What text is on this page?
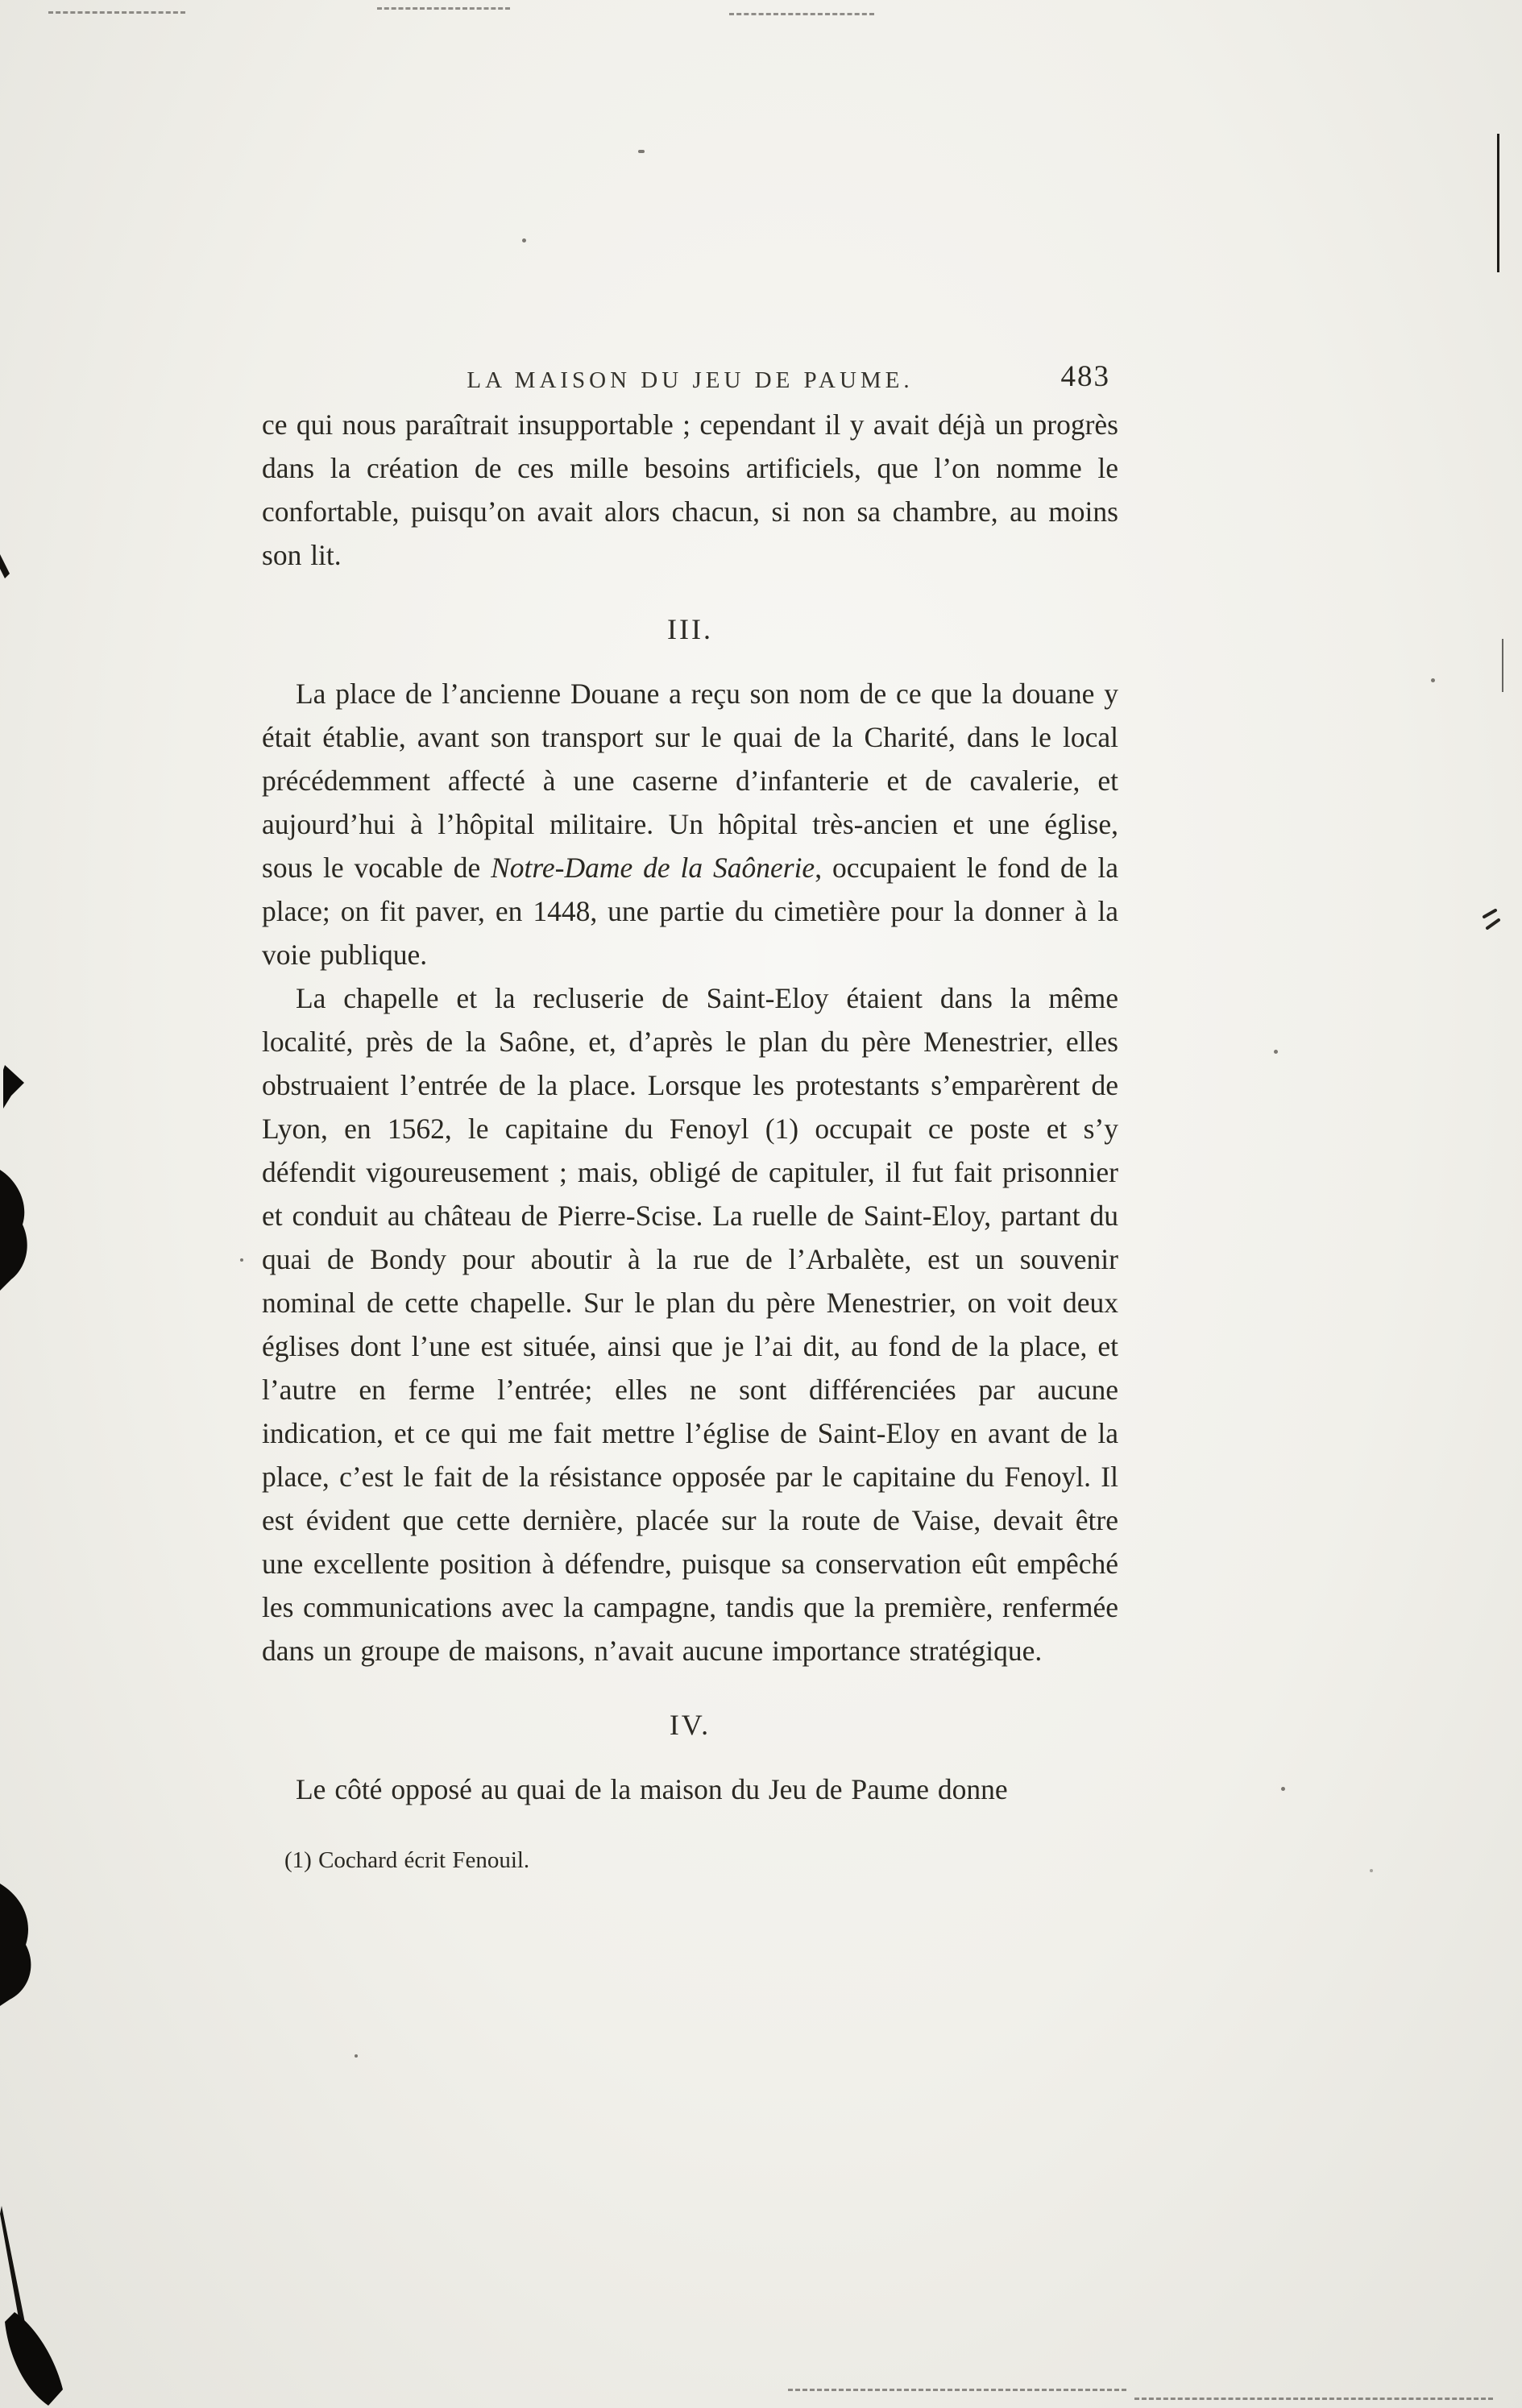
LA MAISON DU JEU DE PAUME.	483

ce qui nous paraîtrait insupportable ; cependant il y avait déjà un progrès dans la création de ces mille besoins artificiels, que l’on nomme le confortable, puisqu’on avait alors chacun, si non sa chambre, au moins son lit.

III.

La place de l’ancienne Douane a reçu son nom de ce que la douane y était établie, avant son transport sur le quai de la Charité, dans le local précédemment affecté à une caserne d’infanterie et de cavalerie, et aujourd’hui à l’hôpital militaire. Un hôpital très-ancien et une église, sous le vocable de Notre-Dame de la Saônerie, occupaient le fond de la place; on fit paver, en 1448, une partie du cimetière pour la donner à la voie publique.

La chapelle et la recluserie de Saint-Eloy étaient dans la même localité, près de la Saône, et, d’après le plan du père Menestrier, elles obstruaient l’entrée de la place. Lorsque les protestants s’emparèrent de Lyon, en 1562, le capitaine du Fenoyl (1) occupait ce poste et s’y défendit vigoureusement ; mais, obligé de capituler, il fut fait prisonnier et conduit au château de Pierre-Scise. La ruelle de Saint-Eloy, partant du quai de Bondy pour aboutir à la rue de l’Arbalète, est un souvenir nominal de cette chapelle. Sur le plan du père Menestrier, on voit deux églises dont l’une est située, ainsi que je l’ai dit, au fond de la place, et l’autre en ferme l’entrée; elles ne sont différenciées par aucune indication, et ce qui me fait mettre l’église de Saint-Eloy en avant de la place, c’est le fait de la résistance opposée par le capitaine du Fenoyl. Il est évident que cette dernière, placée sur la route de Vaise, devait être une excellente position à défendre, puisque sa conservation eût empêché les communications avec la campagne, tandis que la première, renfermée dans un groupe de maisons, n’avait aucune importance stratégique.

IV.

Le côté opposé au quai de la maison du Jeu de Paume donne

(1) Cochard écrit Fenouil.
